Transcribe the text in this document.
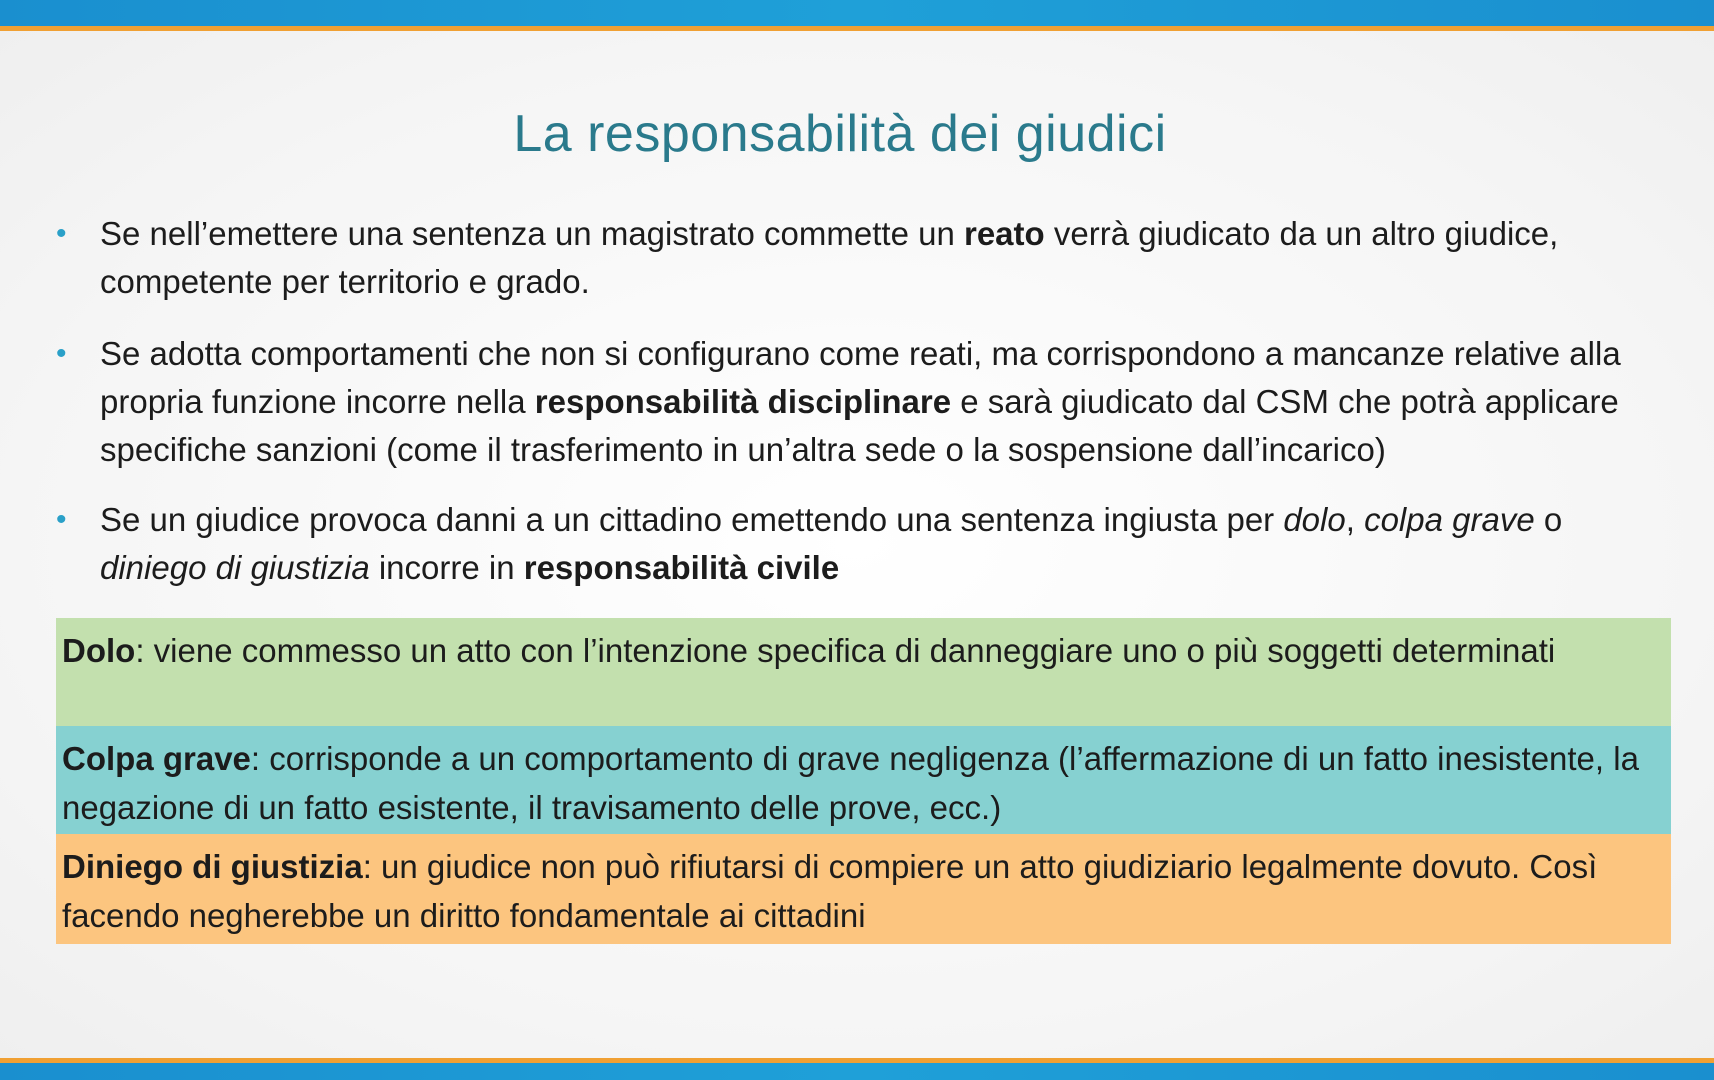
La responsabilità dei giudici
• Se nell’emettere una sentenza un magistrato commette un reato verrà giudicato da un altro giudice, competente per territorio e grado.
• Se adotta comportamenti che non si configurano come reati, ma corrispondono a mancanze relative alla propria funzione incorre nella responsabilità disciplinare e sarà giudicato dal CSM che potrà applicare specifiche sanzioni (come il trasferimento in un’altra sede o la sospensione dall’incarico)
• Se un giudice provoca danni a un cittadino emettendo una sentenza ingiusta per dolo, colpa grave o diniego di giustizia incorre in responsabilità civile
Dolo: viene commesso un atto con l’intenzione specifica di danneggiare uno o più soggetti determinati
Colpa grave: corrisponde a un comportamento di grave negligenza (l’affermazione di un fatto inesistente, la negazione di un fatto esistente, il travisamento delle prove, ecc.)
Diniego di giustizia: un giudice non può rifiutarsi di compiere un atto giudiziario legalmente dovuto. Così facendo negherebbe un diritto fondamentale ai cittadini
